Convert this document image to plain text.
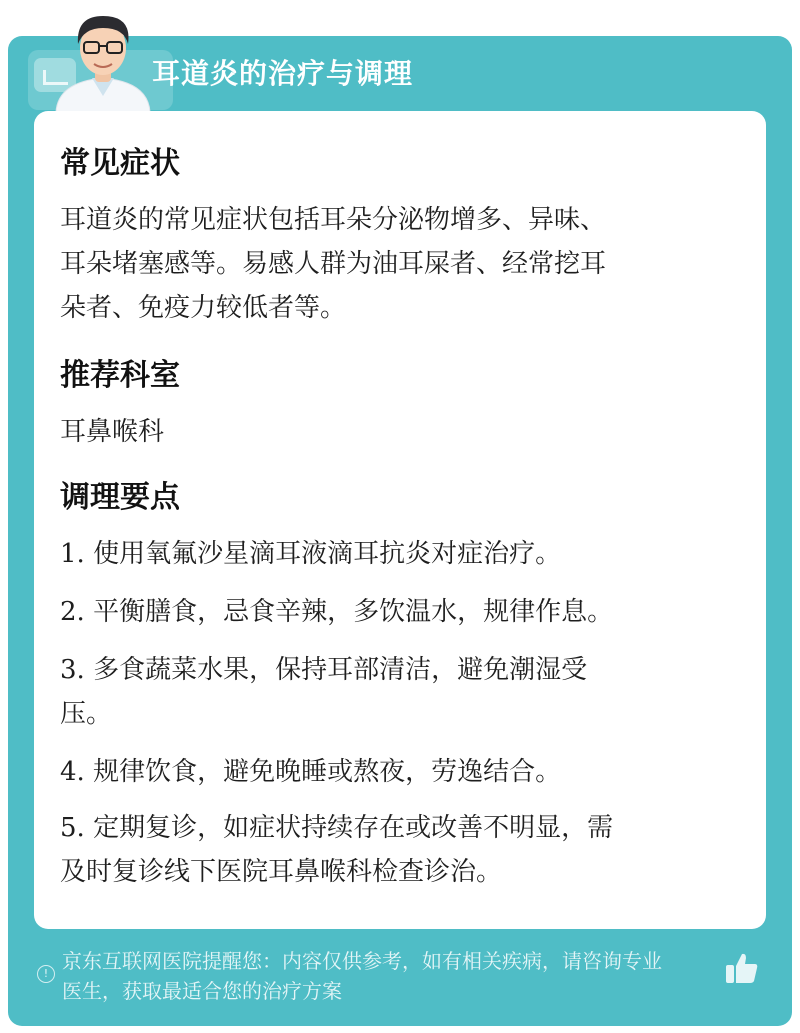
耳道炎的治疗与调理
常见症状
耳道炎的常见症状包括耳朵分泌物增多、异味、
耳朵堵塞感等。易感人群为油耳屎者、经常挖耳
朵者、免疫力较低者等。
推荐科室
耳鼻喉科
调理要点
1. 使用氧氟沙星滴耳液滴耳抗炎对症治疗。
2. 平衡膳食，忌食辛辣，多饮温水，规律作息。
3. 多食蔬菜水果，保持耳部清洁，避免潮湿受
压。
4. 规律饮食，避免晚睡或熬夜，劳逸结合。
5. 定期复诊，如症状持续存在或改善不明显，需
及时复诊线下医院耳鼻喉科检查诊治。
!
京东互联网医院提醒您：内容仅供参考，如有相关疾病，请咨询专业
医生，获取最适合您的治疗方案
